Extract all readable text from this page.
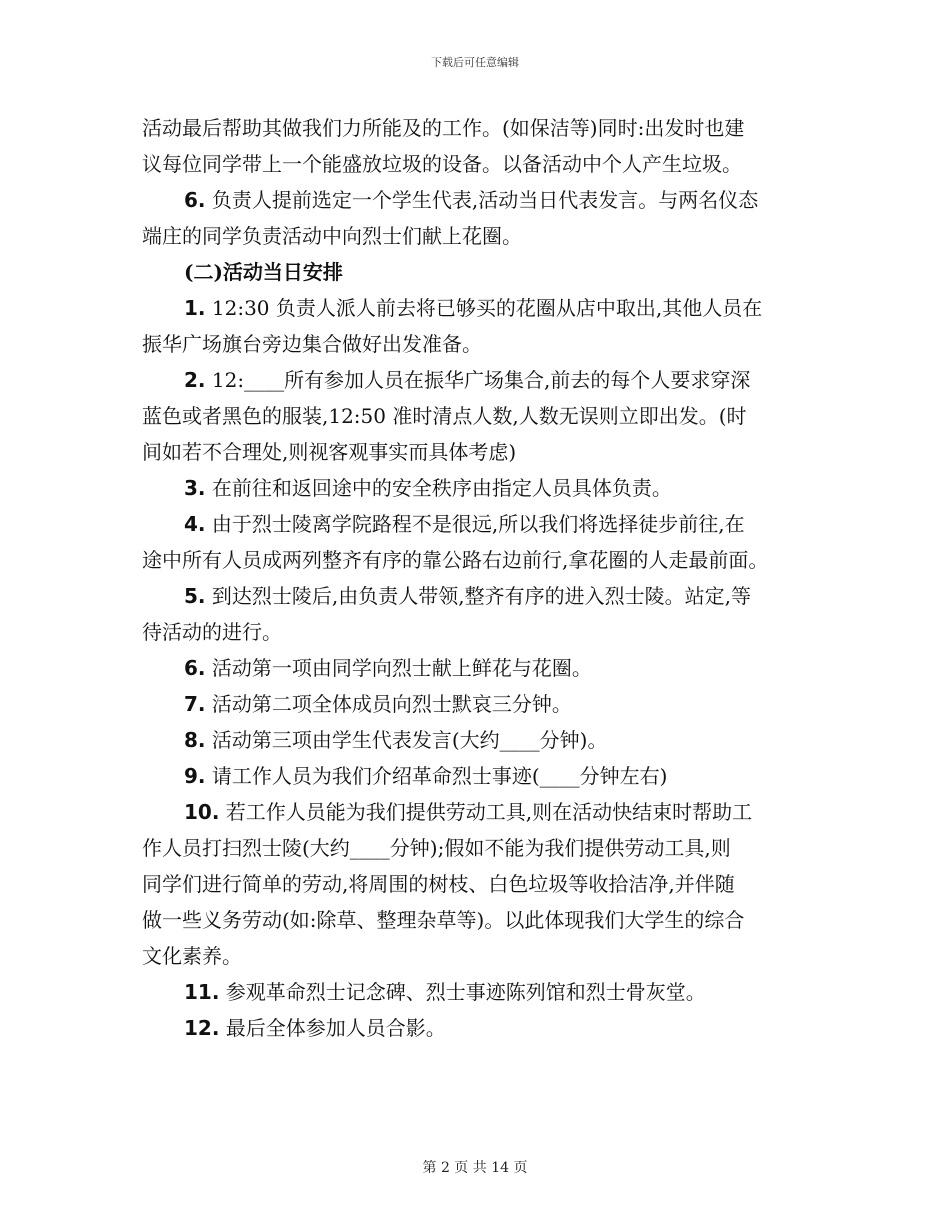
下载后可任意编辑
活动最后帮助其做我们力所能及的工作。(如保洁等)同时:出发时也建
议每位同学带上一个能盛放垃圾的设备。以备活动中个人产生垃圾。
6. 负责人提前选定一个学生代表,活动当日代表发言。与两名仪态
端庄的同学负责活动中向烈士们献上花圈。
(二)活动当日安排
1. 12:30 负责人派人前去将已够买的花圈从店中取出,其他人员在
振华广场旗台旁边集合做好出发准备。
2. 12:____所有参加人员在振华广场集合,前去的每个人要求穿深
蓝色或者黑色的服装,12:50 准时清点人数,人数无误则立即出发。(时
间如若不合理处,则视客观事实而具体考虑)
3. 在前往和返回途中的安全秩序由指定人员具体负责。
4. 由于烈士陵离学院路程不是很远,所以我们将选择徒步前往,在
途中所有人员成两列整齐有序的靠公路右边前行,拿花圈的人走最前面。
5. 到达烈士陵后,由负责人带领,整齐有序的进入烈士陵。站定,等
待活动的进行。
6. 活动第一项由同学向烈士献上鲜花与花圈。
7. 活动第二项全体成员向烈士默哀三分钟。
8. 活动第三项由学生代表发言(大约____分钟)。
9. 请工作人员为我们介绍革命烈士事迹(____分钟左右)
10. 若工作人员能为我们提供劳动工具,则在活动快结束时帮助工
作人员打扫烈士陵(大约____分钟);假如不能为我们提供劳动工具,则
同学们进行简单的劳动,将周围的树枝、白色垃圾等收拾洁净,并伴随
做一些义务劳动(如:除草、整理杂草等)。以此体现我们大学生的综合
文化素养。
11. 参观革命烈士记念碑、烈士事迹陈列馆和烈士骨灰堂。
12. 最后全体参加人员合影。
第 2 页 共 14 页
